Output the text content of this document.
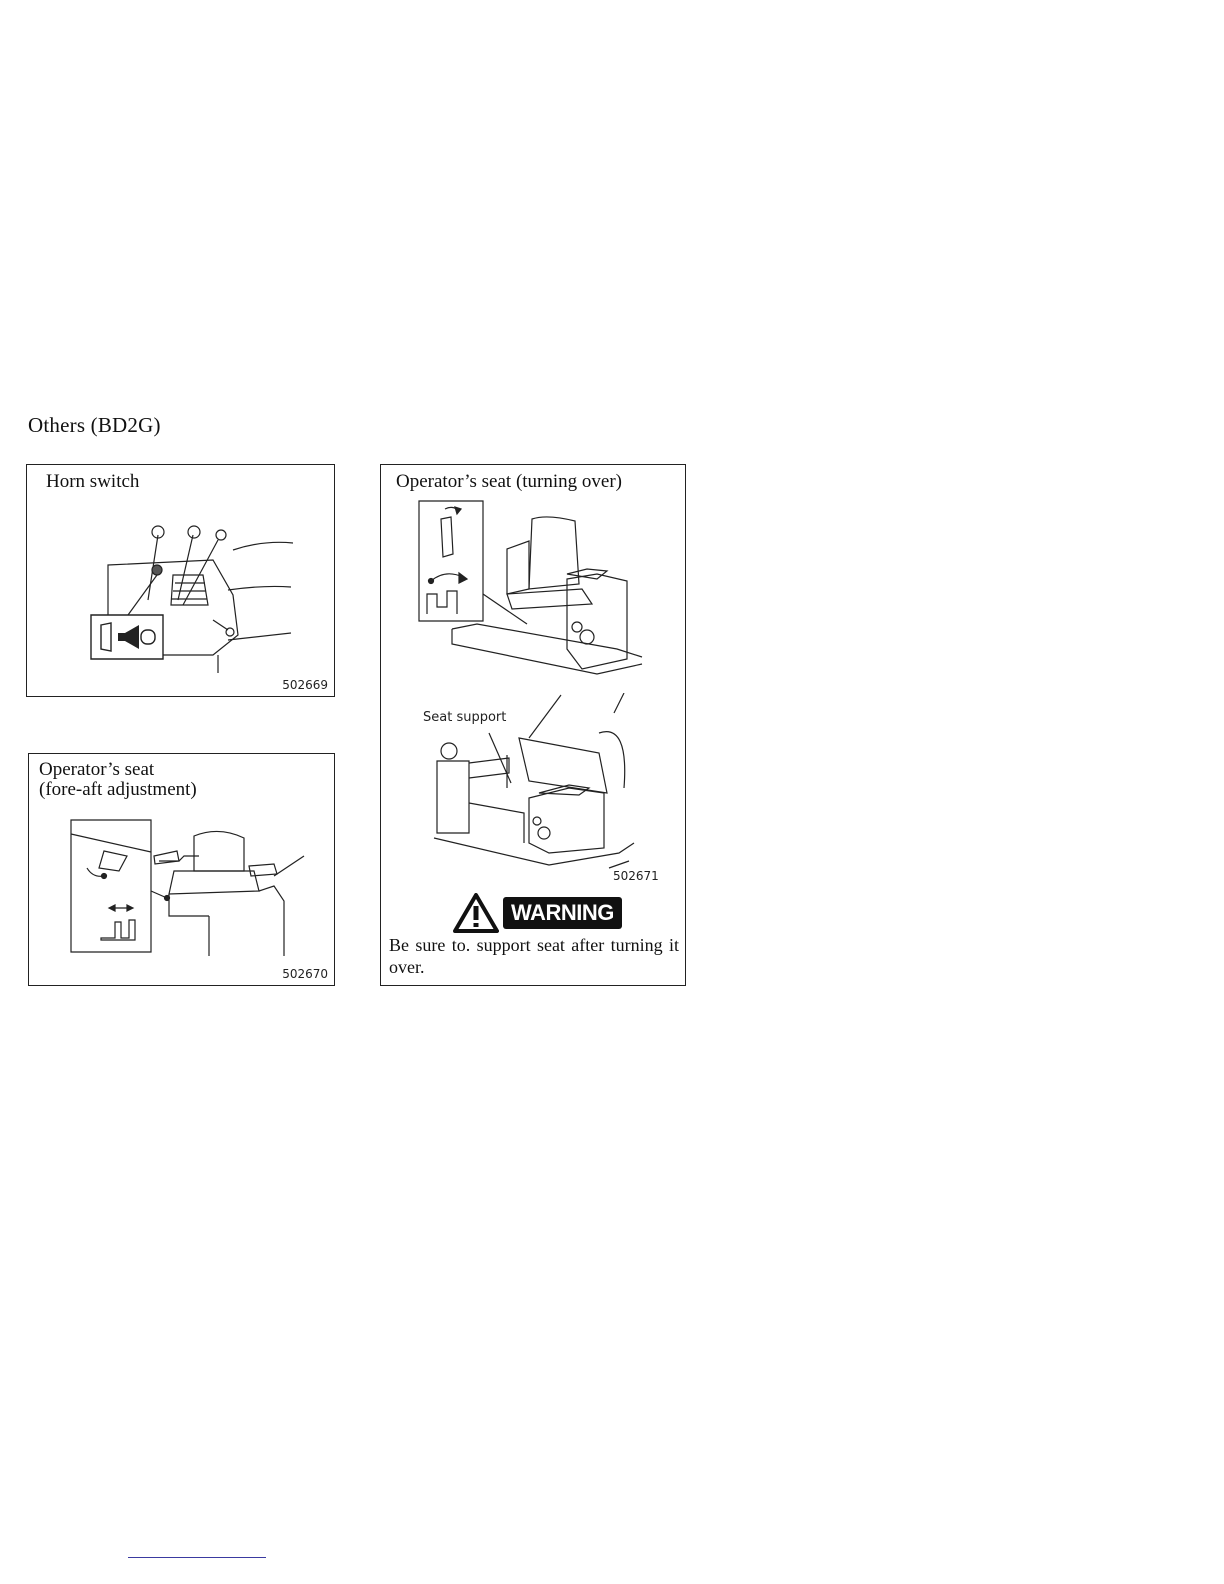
Others (BD2G)
Horn switch
502669
Operator’s seat
(fore-aft adjustment)
502670
Operator’s seat (turning over)
Seat support
502671
WARNING
Be sure to. support seat after turning it over.
